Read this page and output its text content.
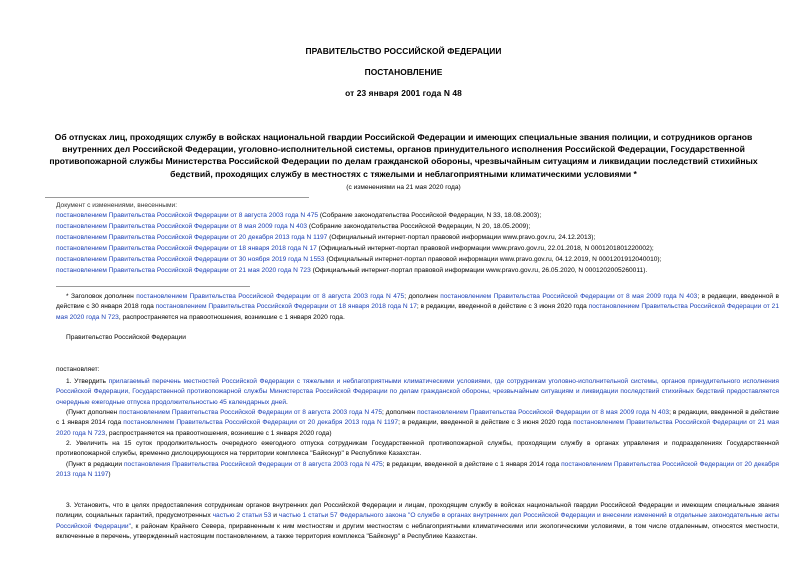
ПРАВИТЕЛЬСТВО РОССИЙСКОЙ ФЕДЕРАЦИИ
ПОСТАНОВЛЕНИЕ
от 23 января 2001 года N 48
Об отпусках лиц, проходящих службу в войсках национальной гвардии Российской Федерации и имеющих специальные звания полиции, и сотрудников органов внутренних дел Российской Федерации, уголовно-исполнительной системы, органов принудительного исполнения Российской Федерации, Государственной противопожарной службы Министерства Российской Федерации по делам гражданской обороны, чрезвычайным ситуациям и ликвидации последствий стихийных бедствий, проходящих службу в местностях с тяжелыми и неблагоприятными климатическими условиями *
(с изменениями на 21 мая 2020 года)
Документ с изменениями, внесенными:
постановлением Правительства Российской Федерации от 8 августа 2003 года N 475 (Собрание законодательства Российской Федерации, N 33, 18.08.2003);
постановлением Правительства Российской Федерации от 8 мая 2009 года N 403 (Собрание законодательства Российской Федерации, N 20, 18.05.2009);
постановлением Правительства Российской Федерации от 20 декабря 2013 года N 1197 (Официальный интернет-портал правовой информации www.pravo.gov.ru, 24.12.2013);
постановлением Правительства Российской Федерации от 18 января 2018 года N 17 (Официальный интернет-портал правовой информации www.pravo.gov.ru, 22.01.2018, N 0001201801220002);
постановлением Правительства Российской Федерации от 30 ноября 2019 года N 1553 (Официальный интернет-портал правовой информации www.pravo.gov.ru, 04.12.2019, N 0001201912040010);
постановлением Правительства Российской Федерации от 21 мая 2020 года N 723 (Официальный интернет-портал правовой информации www.pravo.gov.ru, 26.05.2020, N 0001202005260011).
* Заголовок дополнен постановлением Правительства Российской Федерации от 8 августа 2003 года N 475; дополнен постановлением Правительства Российской Федерации от 8 мая 2009 года N 403; в редакции, введенной в действие с 30 января 2018 года постановлением Правительства Российской Федерации от 18 января 2018 года N 17; в редакции, введенной в действие с 3 июня 2020 года постановлением Правительства Российской Федерации от 21 мая 2020 года N 723, распространяется на правоотношения, возникшие с 1 января 2020 года.
Правительство Российской Федерации
постановляет:
1. Утвердить прилагаемый перечень местностей Российской Федерации с тяжелыми и неблагоприятными климатическими условиями, где сотрудникам уголовно-исполнительной системы, органов принудительного исполнения Российской Федерации, Государственной противопожарной службы Министерства Российской Федерации по делам гражданской обороны, чрезвычайным ситуациям и ликвидации последствий стихийных бедствий предоставляется очередные ежегодные отпуска продолжительностью 45 календарных дней.
(Пункт дополнен постановлением Правительства Российской Федерации от 8 августа 2003 года N 475; дополнен постановлением Правительства Российской Федерации от 8 мая 2009 года N 403; в редакции, введенной в действие с 1 января 2014 года постановлением Правительства Российской Федерации от 20 декабря 2013 года N 1197; в редакции, введенной в действие с 3 июня 2020 года постановлением Правительства Российской Федерации от 21 мая 2020 года N 723, распространяется на правоотношения, возникшие с 1 января 2020 года)
2. Увеличить на 15 суток продолжительность очередного ежегодного отпуска сотрудникам Государственной противопожарной службы, проходящим службу в органах управления и подразделениях Государственной противопожарной службы, временно дислоцирующихся на территории комплекса "Байконур" в Республике Казахстан.
(Пункт в редакции постановления Правительства Российской Федерации от 8 августа 2003 года N 475; в редакции, введенной в действие с 1 января 2014 года постановлением Правительства Российской Федерации от 20 декабря 2013 года N 1197)
3. Установить, что в целях предоставления сотрудникам органов внутренних дел Российской Федерации и лицам, проходящим службу в войсках национальной гвардии Российской Федерации и имеющим специальные звания полиции, социальных гарантий, предусмотренных частью 2 статьи 53 и частью 1 статьи 57 Федерального закона "О службе в органах внутренних дел Российской Федерации и внесении изменений в отдельные законодательные акты Российской Федерации", к районам Крайнего Севера, приравненным к ним местностям и другим местностям с неблагоприятными климатическими или экологическими условиями, в том числе отдаленным, относятся местности, включенные в перечень, утвержденный настоящим постановлением, а также территория комплекса "Байконур" в Республике Казахстан.
